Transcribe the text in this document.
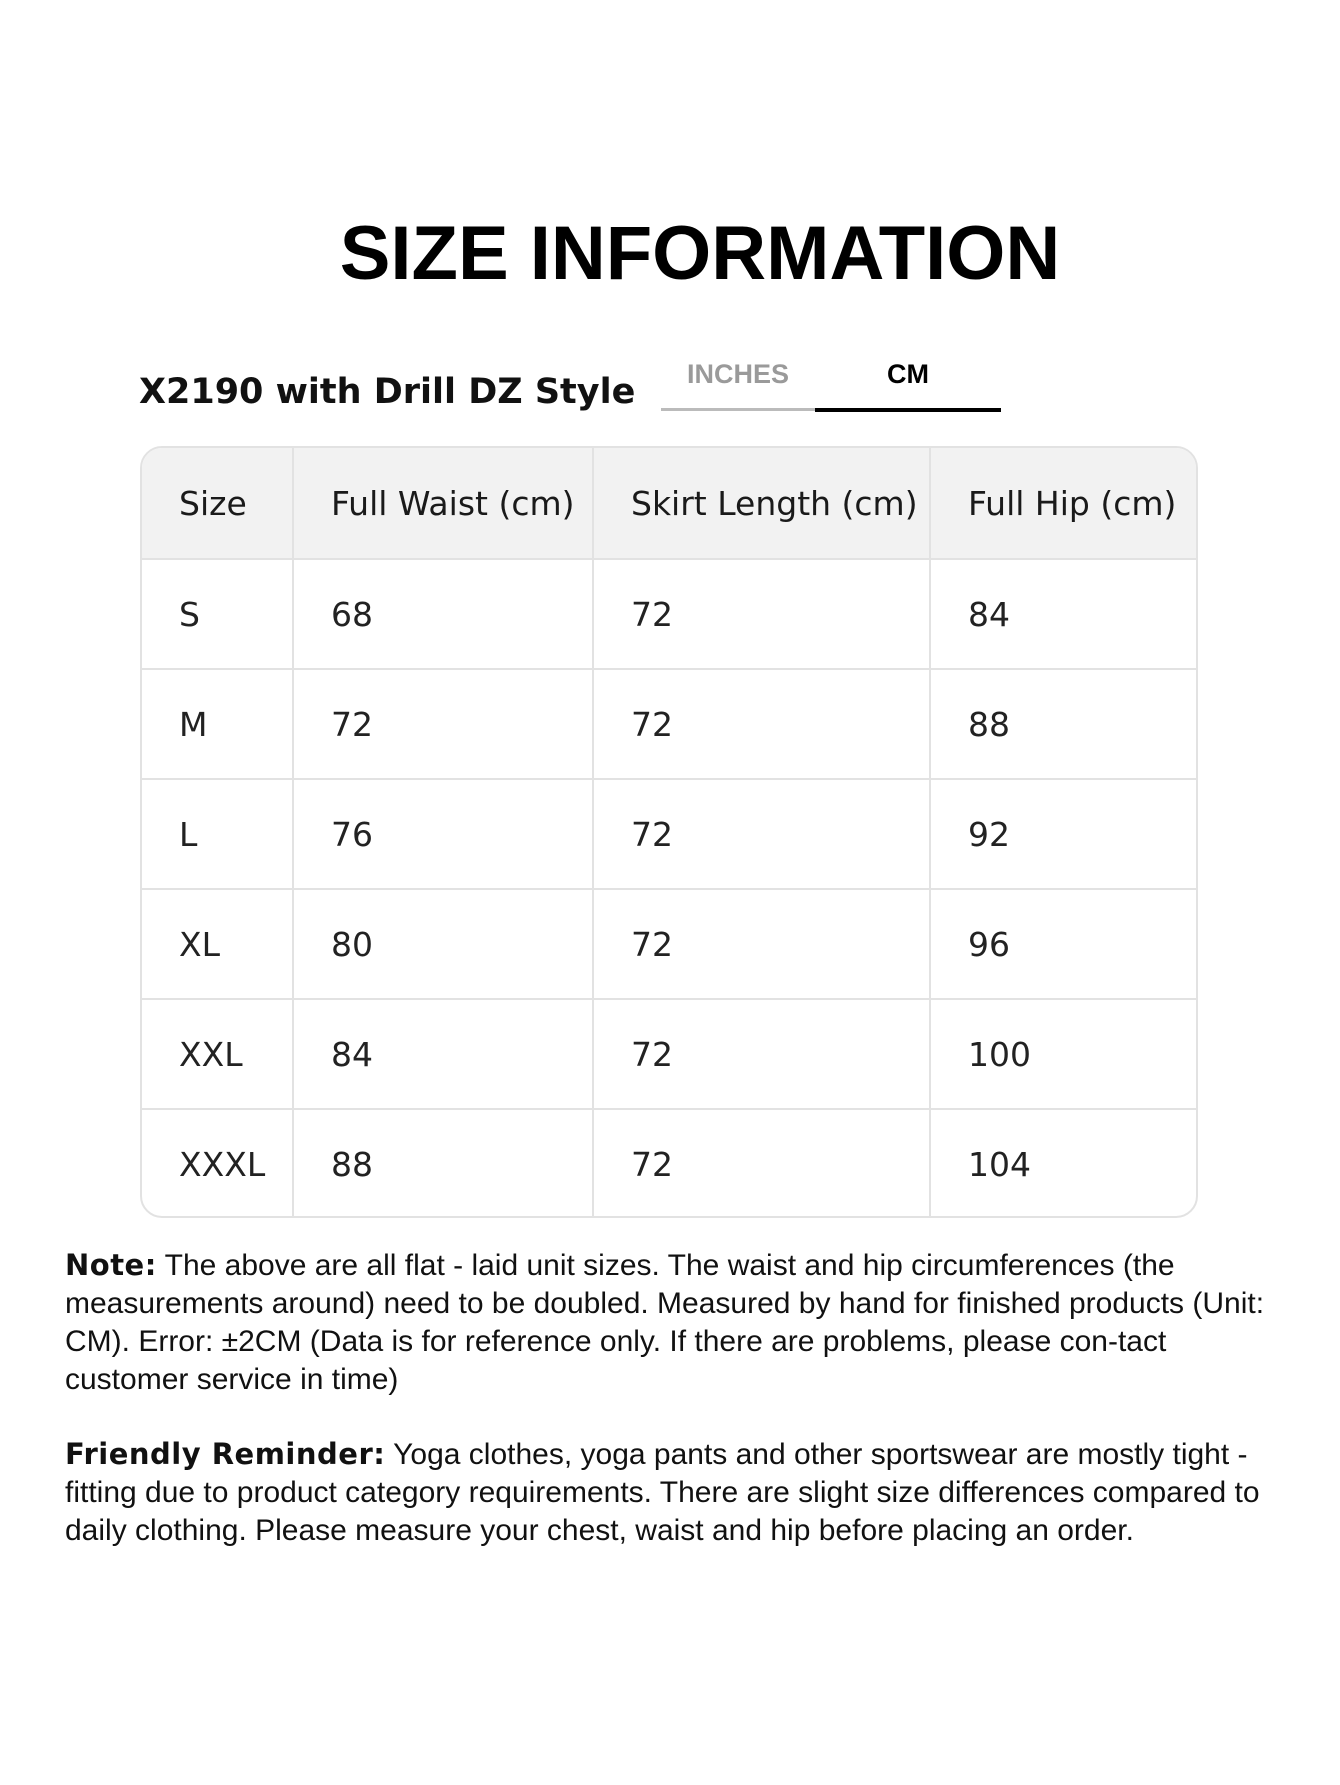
SIZE INFORMATION
X2190 with Drill DZ Style	INCHES	CM
Size	Full Waist (cm)	Skirt Length (cm)	Full Hip (cm)
S	68	72	84
M	72	72	88
L	76	72	92
XL	80	72	96
XXL	84	72	100
XXXL	88	72	104
Note: The above are all flat - laid unit sizes. The waist and hip circumferences (the measurements around) need to be doubled. Measured by hand for finished products (Unit: CM). Error: ±2CM (Data is for reference only. If there are problems, please con-tact customer service in time)
Friendly Reminder: Yoga clothes, yoga pants and other sportswear are mostly tight - fitting due to product category requirements. There are slight size differences compared to daily clothing. Please measure your chest, waist and hip before placing an order.
